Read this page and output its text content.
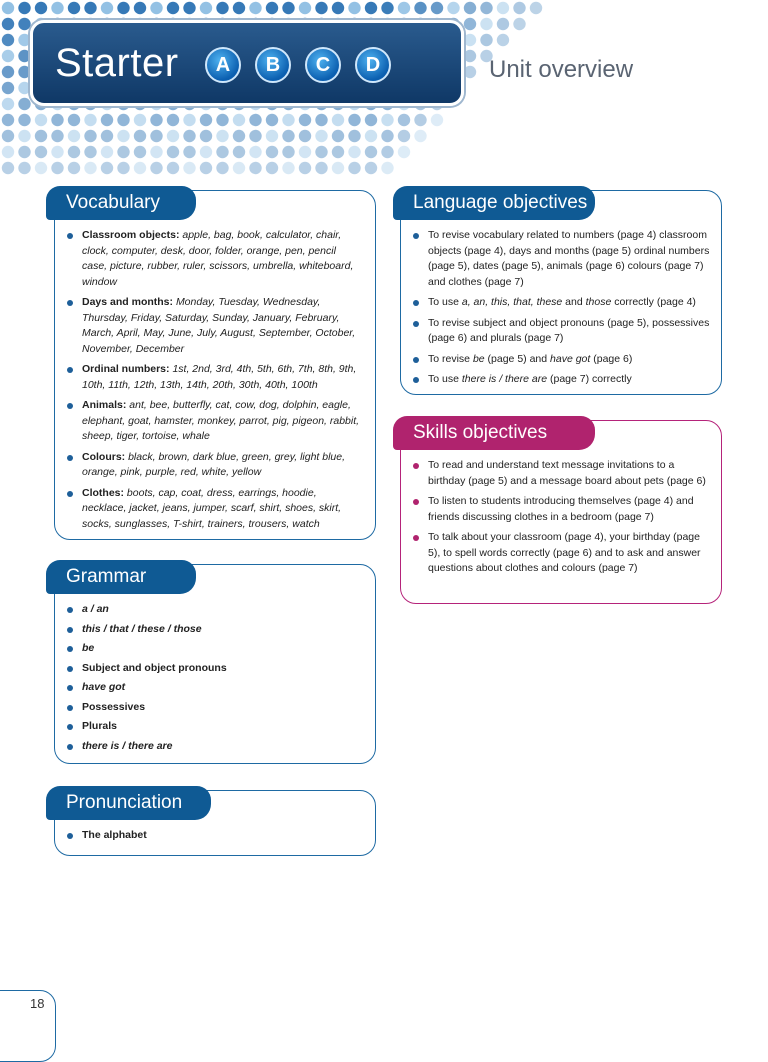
Starter	A	B	C	D	Unit overview
Vocabulary
Classroom objects: apple, bag, book, calculator, chair, clock, computer, desk, door, folder, orange, pen, pencil case, picture, rubber, ruler, scissors, umbrella, whiteboard, window
Days and months: Monday, Tuesday, Wednesday, Thursday, Friday, Saturday, Sunday, January, February, March, April, May, June, July, August, September, October, November, December
Ordinal numbers: 1st, 2nd, 3rd, 4th, 5th, 6th, 7th, 8th, 9th, 10th, 11th, 12th, 13th, 14th, 20th, 30th, 40th, 100th
Animals: ant, bee, butterfly, cat, cow, dog, dolphin, eagle, elephant, goat, hamster, monkey, parrot, pig, pigeon, rabbit, sheep, tiger, tortoise, whale
Colours: black, brown, dark blue, green, grey, light blue, orange, pink, purple, red, white, yellow
Clothes: boots, cap, coat, dress, earrings, hoodie, necklace, jacket, jeans, jumper, scarf, shirt, shoes, skirt, socks, sunglasses, T-shirt, trainers, trousers, watch
Grammar
a / an
this / that / these / those
be
Subject and object pronouns
have got
Possessives
Plurals
there is / there are
Pronunciation
The alphabet
Language objectives
To revise vocabulary related to numbers (page 4) classroom objects (page 4), days and months (page 5) ordinal numbers (page 5), dates (page 5), animals (page 6) colours (page 7) and clothes (page 7)
To use a, an, this, that, these and those correctly (page 4)
To revise subject and object pronouns (page 5), possessives (page 6) and plurals (page 7)
To revise be (page 5) and have got (page 6)
To use there is / there are (page 7) correctly
Skills objectives
To read and understand text message invitations to a birthday (page 5) and a message board about pets (page 6)
To listen to students introducing themselves (page 4) and friends discussing clothes in a bedroom (page 7)
To talk about your classroom (page 4), your birthday (page 5), to spell words correctly (page 6) and to ask and answer questions about clothes and colours (page 7)
18
